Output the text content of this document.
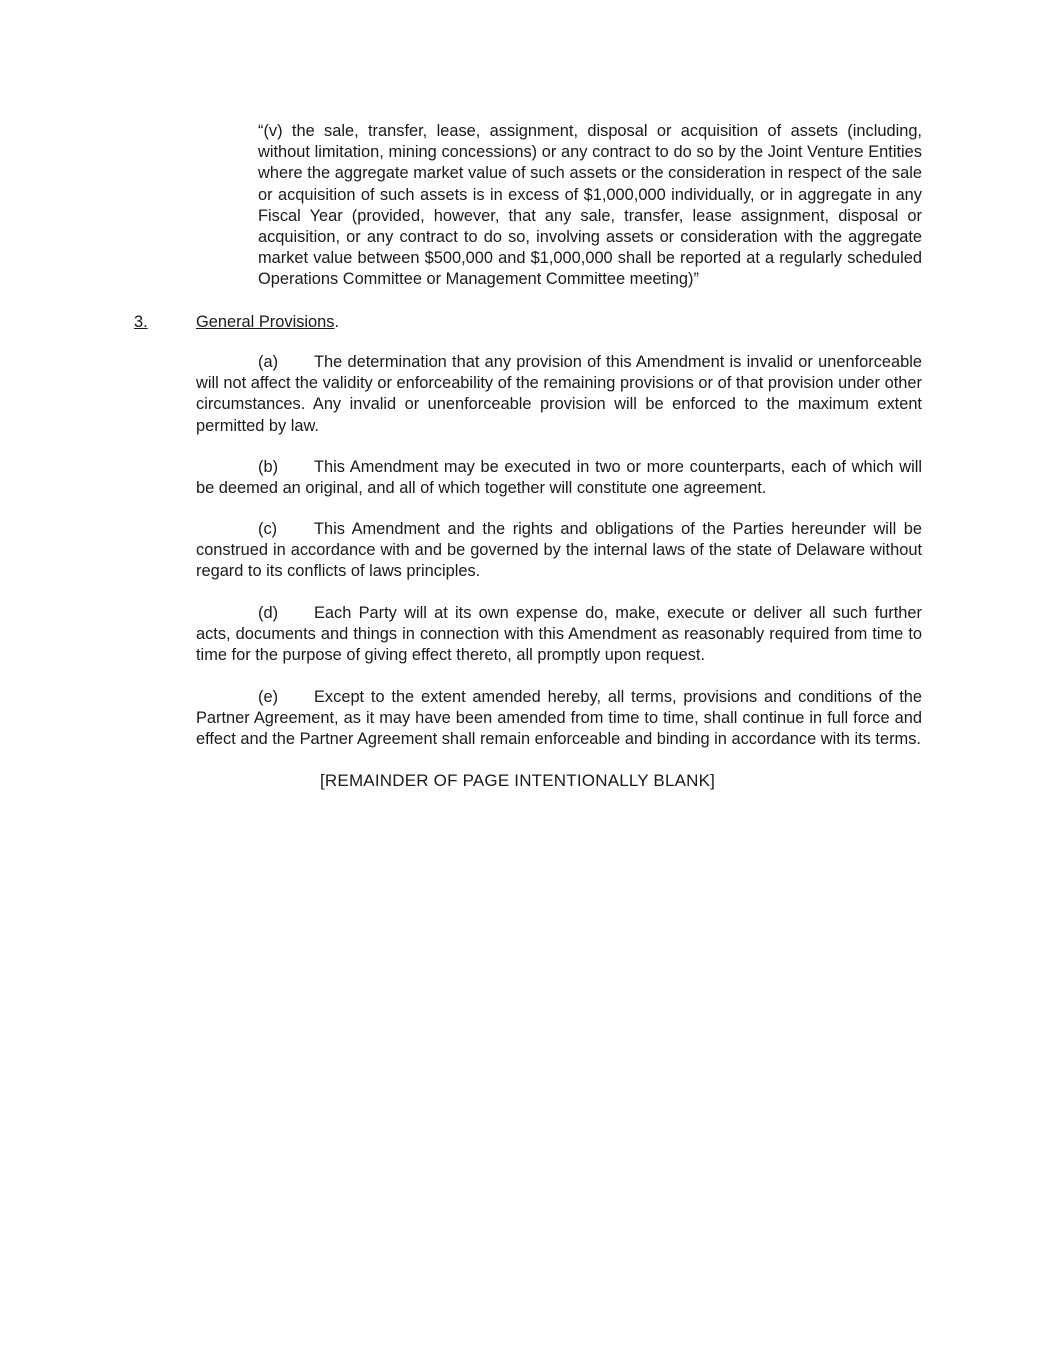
“(v) the sale, transfer, lease, assignment, disposal or acquisition of assets (including, without limitation, mining concessions) or any contract to do so by the Joint Venture Entities where the aggregate market value of such assets or the consideration in respect of the sale or acquisition of such assets is in excess of $1,000,000 individually, or in aggregate in any Fiscal Year (provided, however, that any sale, transfer, lease assignment, disposal or acquisition, or any contract to do so, involving assets or consideration with the aggregate market value between $500,000 and $1,000,000 shall be reported at a regularly scheduled Operations Committee or Management Committee meeting)”

3.	General Provisions .

(a) The determination that any provision of this Amendment is invalid or unenforceable will not affect the validity or enforceability of the remaining provisions or of that provision under other circumstances. Any invalid or unenforceable provision will be enforced to the maximum extent permitted by law.

(b) This Amendment may be executed in two or more counterparts, each of which will be deemed an original, and all of which together will constitute one agreement.

(c) This Amendment and the rights and obligations of the Parties hereunder will be construed in accordance with and be governed by the internal laws of the state of Delaware without regard to its conflicts of laws principles.

(d) Each Party will at its own expense do, make, execute or deliver all such further acts, documents and things in connection with this Amendment as reasonably required from time to time for the purpose of giving effect thereto, all promptly upon request.

(e) Except to the extent amended hereby, all terms, provisions and conditions of the Partner Agreement, as it may have been amended from time to time, shall continue in full force and effect and the Partner Agreement shall remain enforceable and binding in accordance with its terms.

[REMAINDER OF PAGE INTENTIONALLY BLANK]

· · · · ·
